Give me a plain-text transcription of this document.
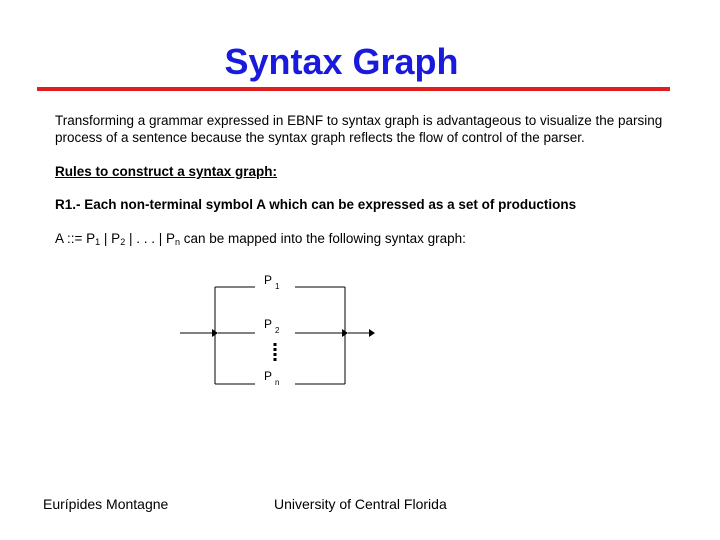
Syntax Graph
Transforming a grammar expressed in EBNF to syntax graph is advantageous to visualize the parsing process of a sentence because the syntax graph reflects the flow of control of the parser.
Rules to construct a syntax graph:
R1.- Each non-terminal symbol A which can be expressed as a set of productions
A ::= $P_1$ | $P_2$ | . . . | $P_n$ can be mapped into the following syntax graph:
P $_1$
P $_2$
P $_n$
Eurípides Montagne	University of Central Florida
